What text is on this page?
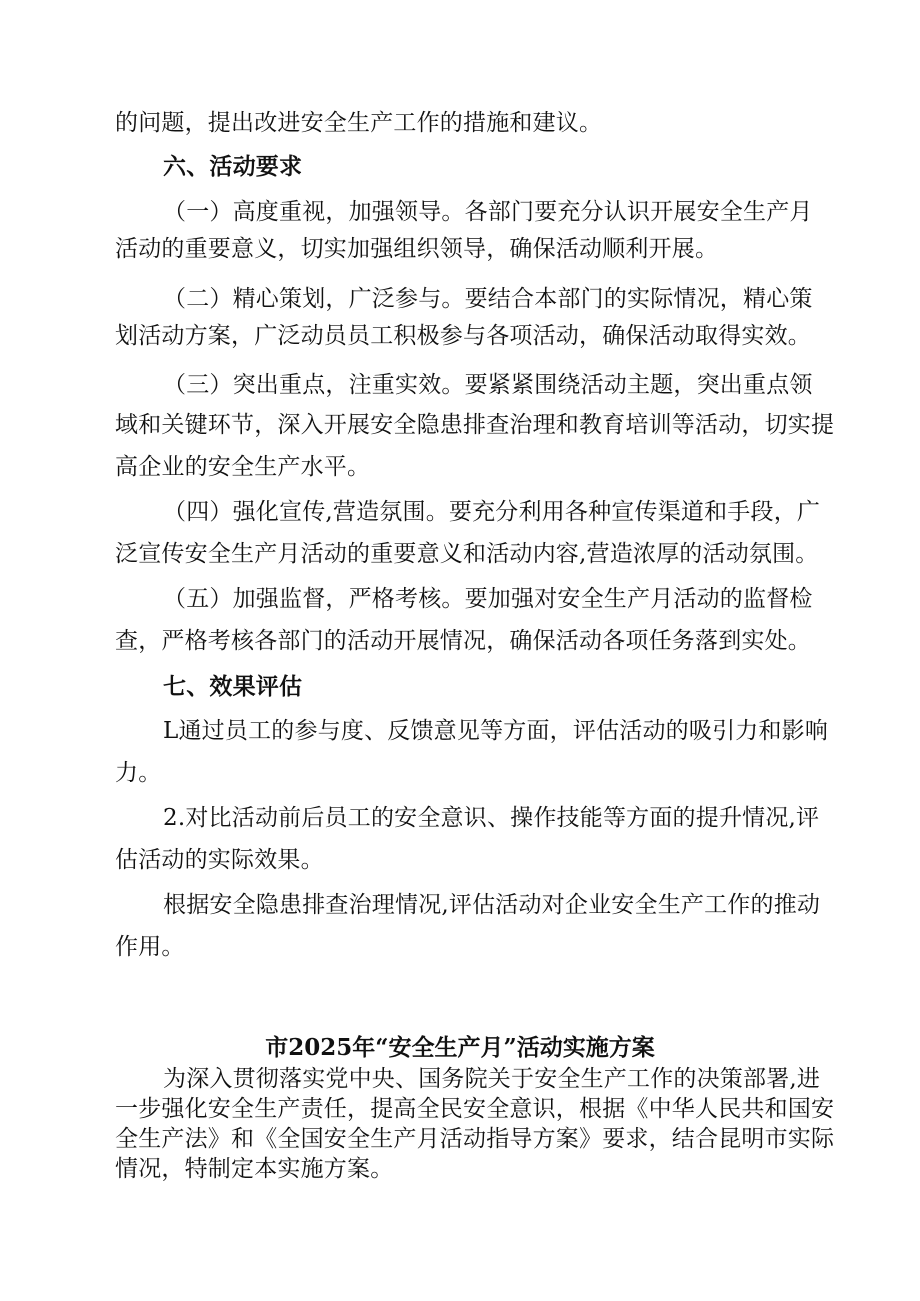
的问题，提出改进安全生产工作的措施和建议。
六、活动要求
（一）高度重视，加强领导。各部门要充分认识开展安全生产月
活动的重要意义，切实加强组织领导，确保活动顺利开展。
（二）精心策划，广泛参与。要结合本部门的实际情况，精心策
划活动方案，广泛动员员工积极参与各项活动，确保活动取得实效。
（三）突出重点，注重实效。要紧紧围绕活动主题，突出重点领
域和关键环节，深入开展安全隐患排查治理和教育培训等活动，切实提
高企业的安全生产水平。
（四）强化宣传,营造氛围。要充分利用各种宣传渠道和手段，广
泛宣传安全生产月活动的重要意义和活动内容,营造浓厚的活动氛围。
（五）加强监督，严格考核。要加强对安全生产月活动的监督检
查，严格考核各部门的活动开展情况，确保活动各项任务落到实处。
七、效果评估
L通过员工的参与度、反馈意见等方面，评估活动的吸引力和影响
力。
2.对比活动前后员工的安全意识、操作技能等方面的提升情况,评
估活动的实际效果。
根据安全隐患排查治理情况,评估活动对企业安全生产工作的推动
作用。
市2025年“安全生产月”活动实施方案
为深入贯彻落实党中央、国务院关于安全生产工作的决策部署,进
一步强化安全生产责任，提高全民安全意识，根据《中华人民共和国安
全生产法》和《全国安全生产月活动指导方案》要求，结合昆明市实际
情况，特制定本实施方案。
